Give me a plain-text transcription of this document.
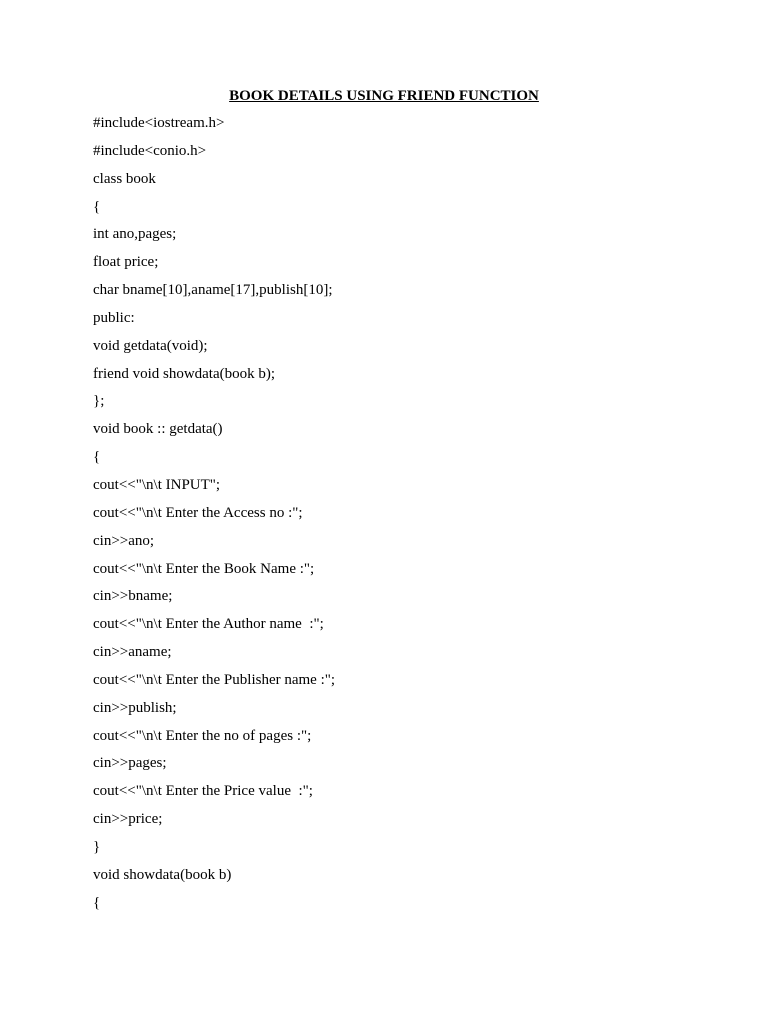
BOOK DETAILS USING FRIEND FUNCTION
#include<iostream.h>
#include<conio.h>
class book
{
int ano,pages;
float price;
char bname[10],aname[17],publish[10];
public:
void getdata(void);
friend void showdata(book b);
};
void book :: getdata()
{
cout<<"\n\t INPUT";
cout<<"\n\t Enter the Access no :";
cin>>ano;
cout<<"\n\t Enter the Book Name :";
cin>>bname;
cout<<"\n\t Enter the Author name  :";
cin>>aname;
cout<<"\n\t Enter the Publisher name :";
cin>>publish;
cout<<"\n\t Enter the no of pages :";
cin>>pages;
cout<<"\n\t Enter the Price value  :";
cin>>price;
}
void showdata(book b)
{
